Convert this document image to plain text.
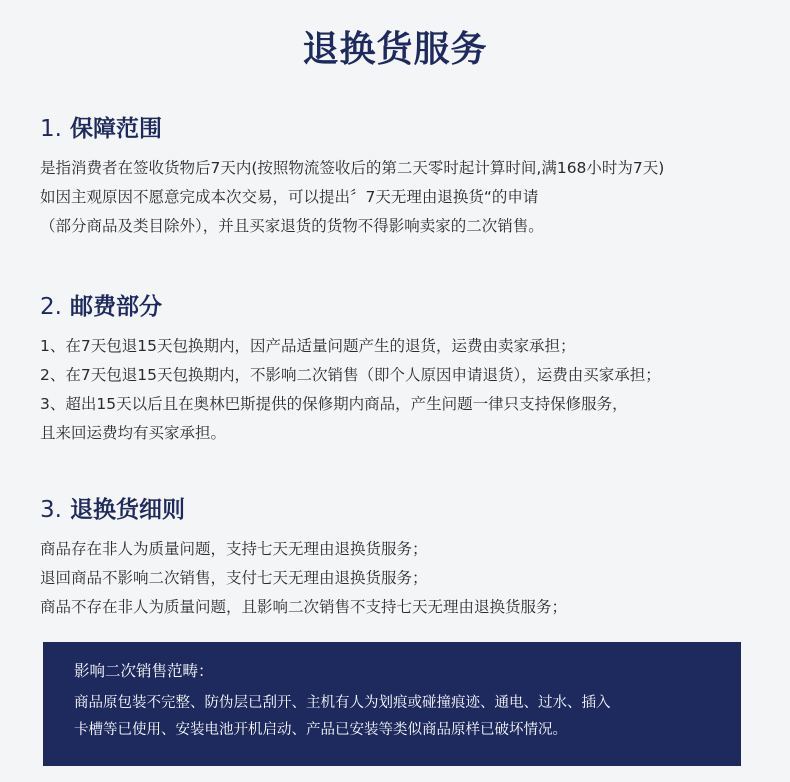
退换货服务
1. 保障范围

是指消费者在签收货物后7天内(按照物流签收后的第二天零时起计算时间,满168小时为7天)

如因主观原因不愿意完成本次交易，可以提出〞7天无理由退换货“的申请

（部分商品及类目除外），并且买家退货的货物不得影响卖家的二次销售。

2. 邮费部分

1、在7天包退15天包换期内，因产品适量问题产生的退货，运费由卖家承担；

2、在7天包退15天包换期内，不影响二次销售（即个人原因申请退货），运费由买家承担；

3、超出15天以后且在奥林巴斯提供的保修期内商品，产生问题一律只支持保修服务，

且来回运费均有买家承担。

3. 退换货细则

商品存在非人为质量问题，支持七天无理由退换货服务；

退回商品不影响二次销售，支付七天无理由退换货服务；

商品不存在非人为质量问题，且影响二次销售不支持七天无理由退换货服务；

影响二次销售范畴：

商品原包装不完整、防伪层已刮开、主机有人为划痕或碰撞痕迹、通电、过水、插入

卡槽等已使用、安装电池开机启动、产品已安装等类似商品原样已破坏情况。
